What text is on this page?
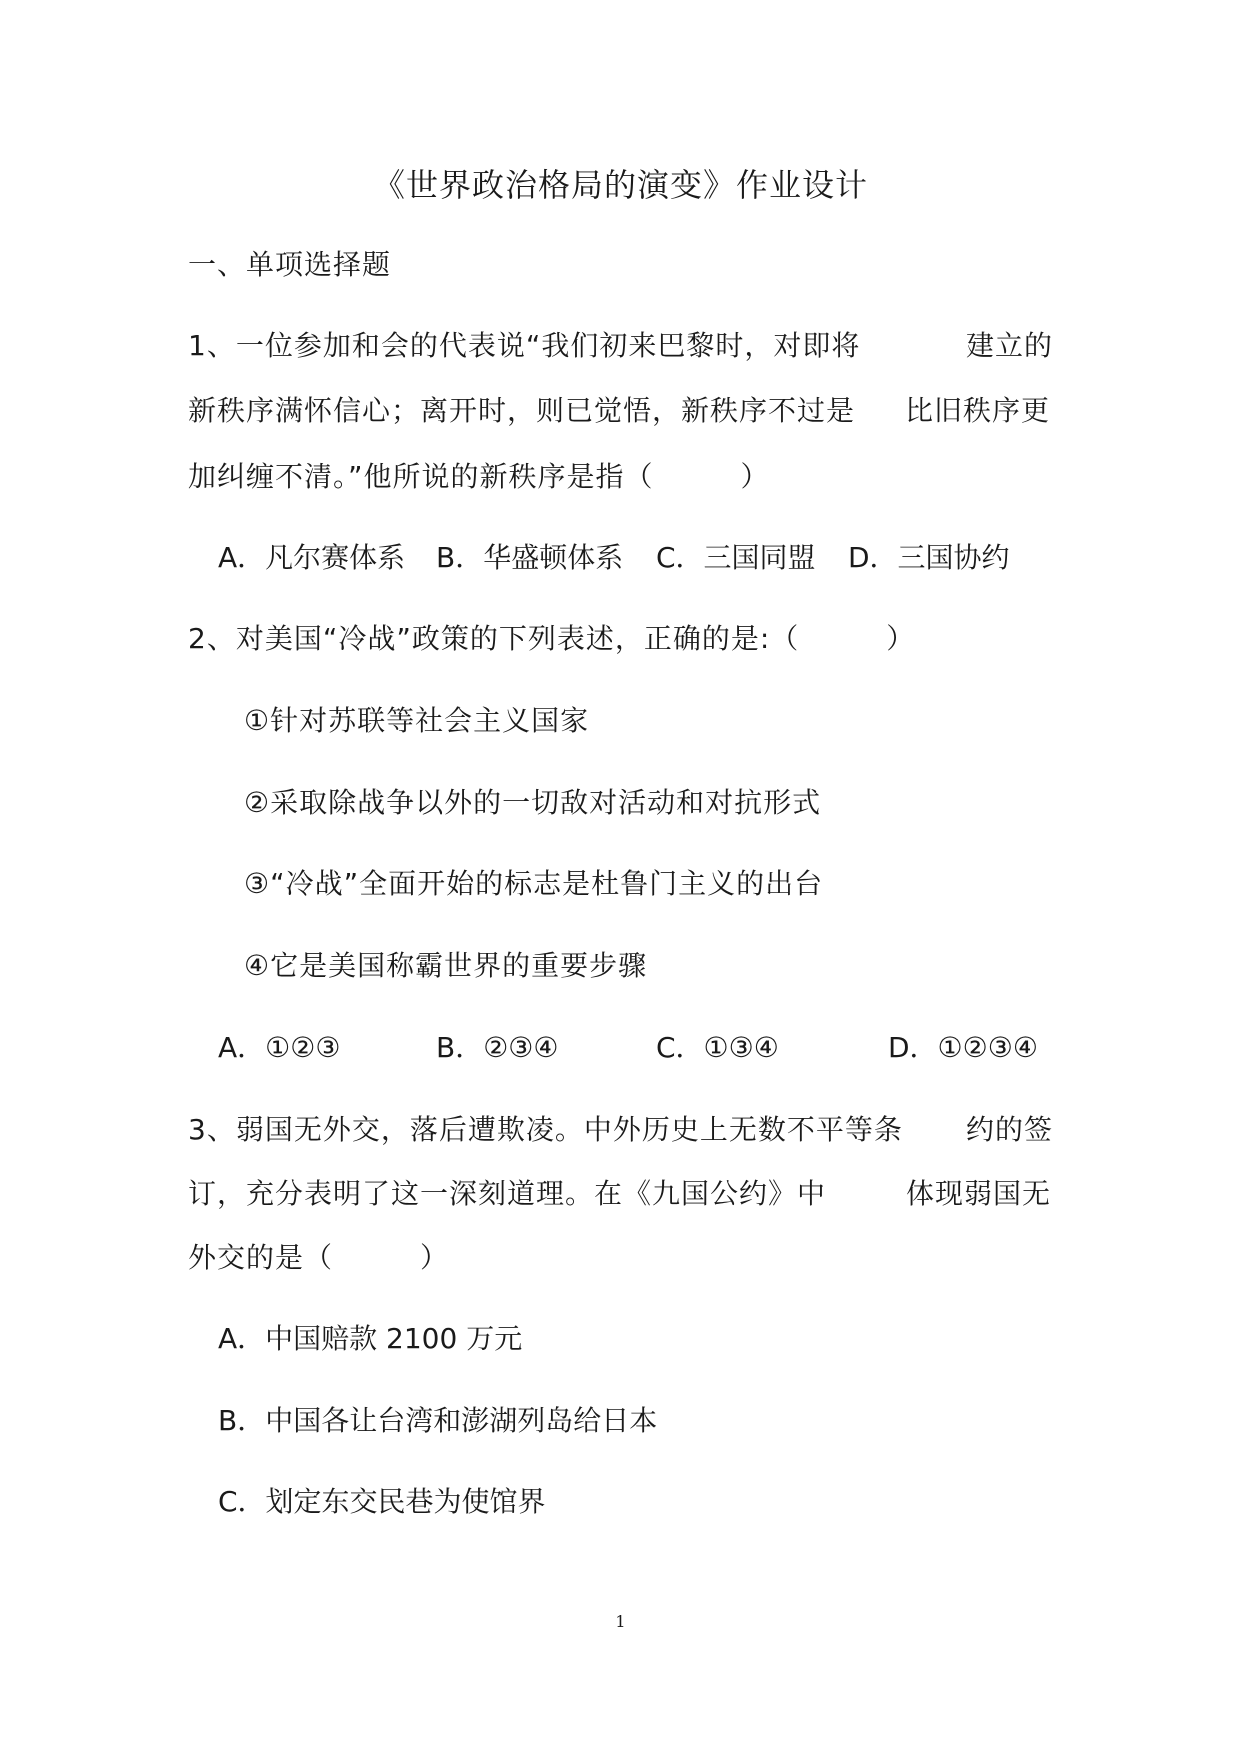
《世界政治格局的演变》作业设计
一、单项选择题
1、一位参加和会的代表说“我们初来巴黎时，对即将	建立的
新秩序满怀信心；离开时，则已觉悟，新秩序不过是 比旧秩序更
加纠缠不清。”他所说的新秩序是指（　　　）
A．凡尔赛体系 B．华盛顿体系 C．三国同盟 D．三国协约
2、对美国“冷战”政策的下列表述，正确的是:（　　　）
①针对苏联等社会主义国家
②采取除战争以外的一切敌对活动和对抗形式
③“冷战”全面开始的标志是杜鲁门主义的出台
④它是美国称霸世界的重要步骤
A．①②③	B．②③④	C．①③④	D．①②③④
3、弱国无外交，落后遭欺凌。中外历史上无数不平等条 约的签
订，充分表明了这一深刻道理。在《九国公约》中	体现弱国无
外交的是（　　　）
A．中国赔款 2100 万元
B．中国各让台湾和澎湖列岛给日本
C．划定东交民巷为使馆界
1
